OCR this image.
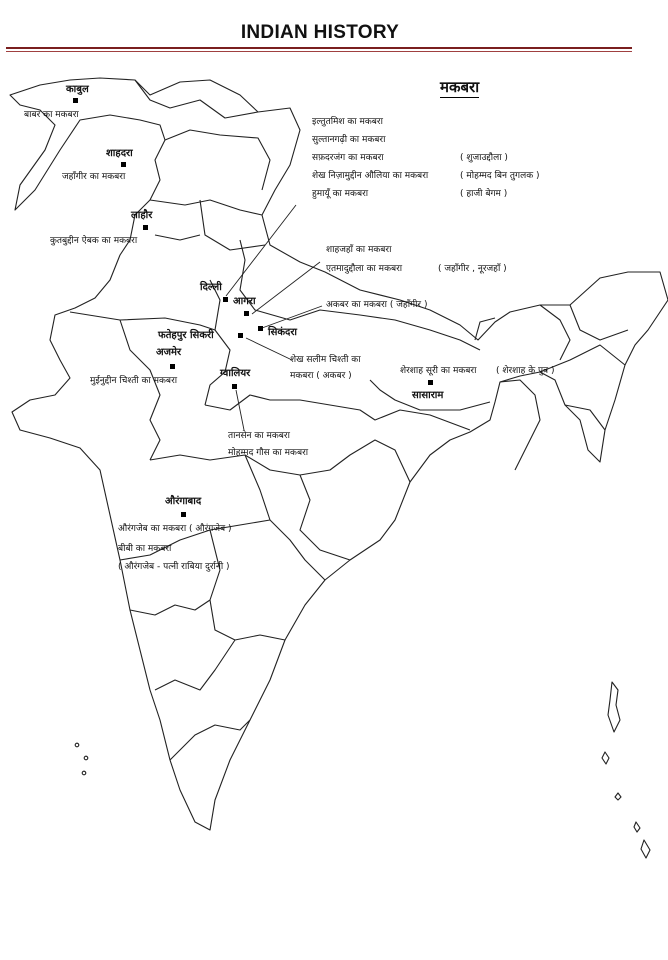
INDIAN HISTORY
मकबरा
काबुल
बाबर का मकबरा
शाहदरा
जहाँगीर का मकबरा
लाहौर
कुतबुद्दीन ऐबक का मकबरा
इल्तुतमिश का मकबरा
सुल्तानगढ़ी का मकबरा
सफ़दरजंग का मकबरा	( शुजाउद्दौला )
शेख निज़ामुद्दीन औलिया का मकबरा	( मोहम्मद बिन तुगलक )
हुमायूँ का मकबरा	( हाजी बेगम )
शाहजहाँ का मकबरा
एतमादुद्दौला का मकबरा	( जहाँगीर , नूरजहाँ )
दिल्ली
आगरा	अकबर का मकबरा ( जहाँगीर )
सिकंदरा
फतेहपुर सिकरी
अजमेर
मुईनुद्दीन चिश्ती का मकबरा
शेख सलीम चिश्ती का
मकबरा ( अकबर )
ग्वालियर
तानसेन का मकबरा
मोहम्मद गौस का मकबरा
शेरशाह सूरी का मकबरा ( शेरशाह के पुत्र )
सासाराम
औरंगाबाद
औरंगजेब का मकबरा ( औरंगजेब )
बीबी का मकबरा
( औरंगजेब - पत्नी राबिया दुर्रानी )
